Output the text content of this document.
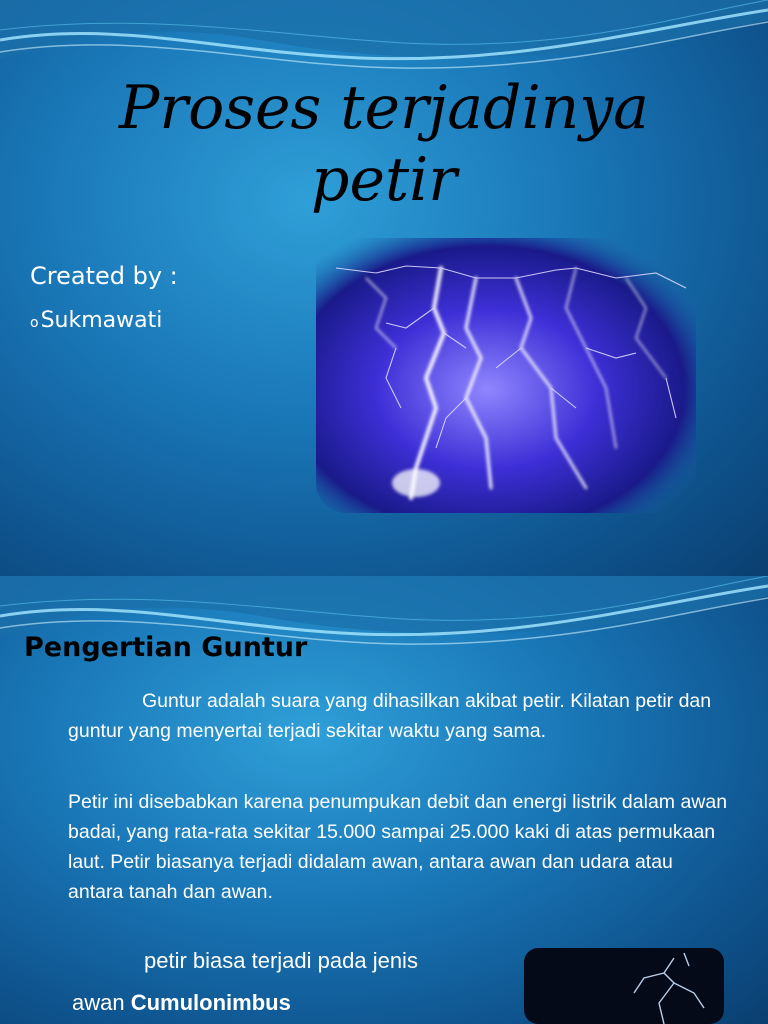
Proses terjadinya petir

Created by :

o Sukmawati
Pengertian Guntur

Guntur adalah suara yang dihasilkan akibat petir. Kilatan petir dan guntur yang menyertai terjadi sekitar waktu yang sama.

Petir ini disebabkan karena penumpukan debit dan energi listrik dalam awan badai, yang rata-rata sekitar 15.000 sampai 25.000 kaki di atas permukaan laut. Petir biasanya terjadi didalam awan, antara awan dan udara atau antara tanah dan awan.

petir biasa terjadi pada jenis

awan Cumulonimbus
